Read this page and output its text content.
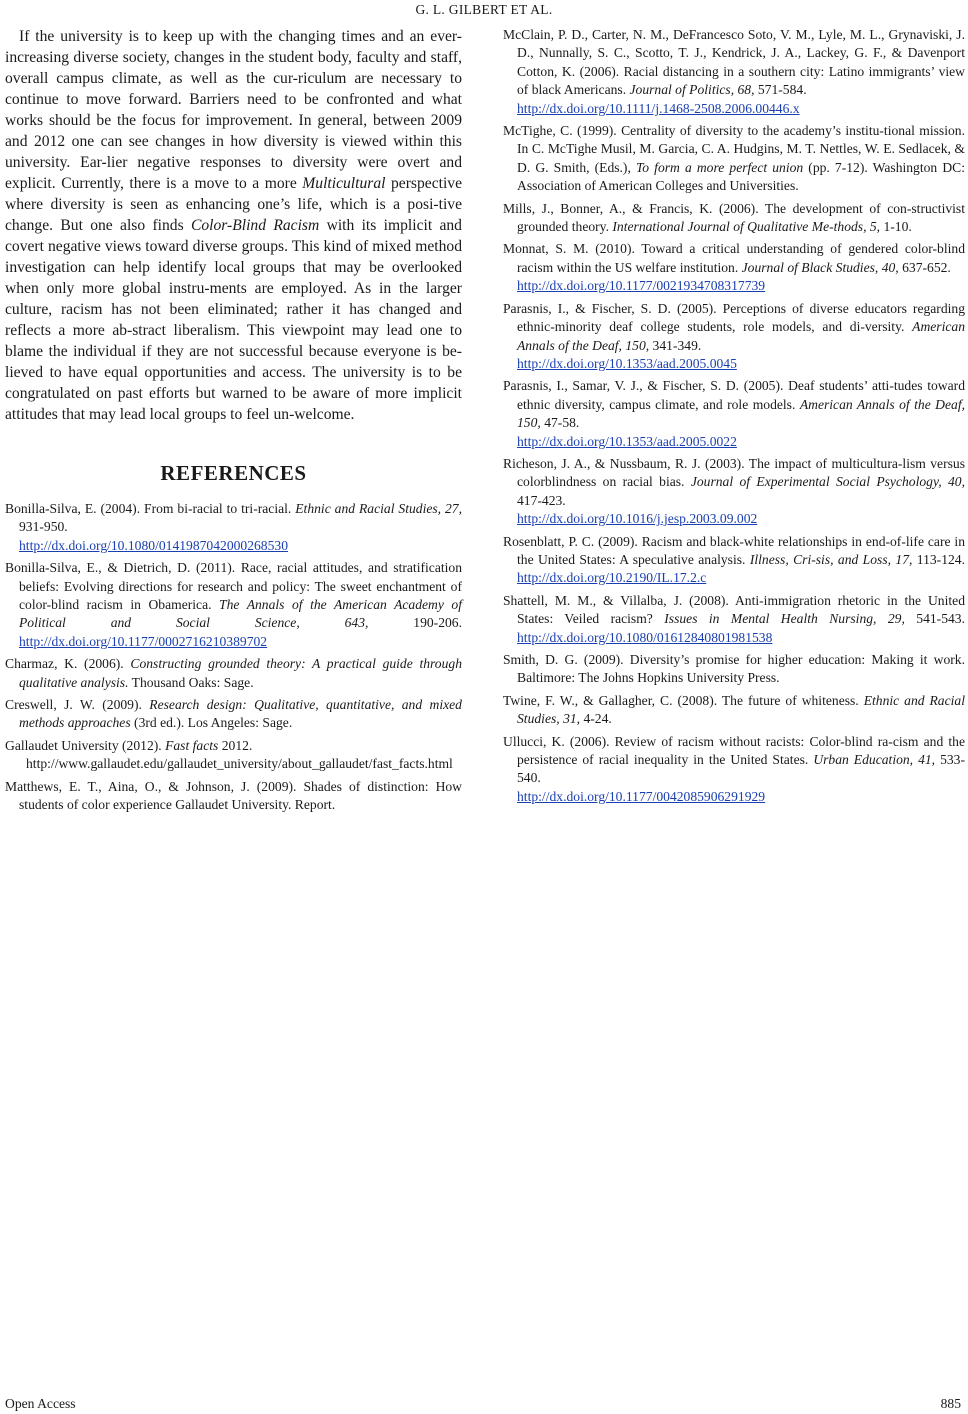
G. L. GILBERT ET AL.

If the university is to keep up with the changing times and an ever-increasing diverse society, changes in the student body, faculty and staff, overall campus climate, as well as the cur-riculum are necessary to continue to move forward. Barriers need to be confronted and what works should be the focus for improvement. In general, between 2009 and 2012 one can see changes in how diversity is viewed within this university. Ear-lier negative responses to diversity were overt and explicit. Currently, there is a move to a more Multicultural perspective where diversity is seen as enhancing one’s life, which is a posi-tive change. But one also finds Color-Blind Racism with its implicit and covert negative views toward diverse groups. This kind of mixed method investigation can help identify local groups that may be overlooked when only more global instru-ments are employed. As in the larger culture, racism has not been eliminated; rather it has changed and reflects a more ab-stract liberalism. This viewpoint may lead one to blame the individual if they are not successful because everyone is be-lieved to have equal opportunities and access. The university is to be congratulated on past efforts but warned to be aware of more implicit attitudes that may lead local groups to feel un-welcome.

REFERENCES

Bonilla-Silva, E. (2004). From bi-racial to tri-racial. Ethnic and Racial Studies, 27, 931-950.
http://dx.doi.org/10.1080/0141987042000268530

Bonilla-Silva, E., & Dietrich, D. (2011). Race, racial attitudes, and stratification beliefs: Evolving directions for research and policy: The sweet enchantment of color-blind racism in Obamerica. The Annals of the American Academy of Political and Social Science, 643, 190-206. http://dx.doi.org/10.1177/0002716210389702

Charmaz, K. (2006). Constructing grounded theory: A practical guide through qualitative analysis. Thousand Oaks: Sage.

Creswell, J. W. (2009). Research design: Qualitative, quantitative, and mixed methods approaches (3rd ed.). Los Angeles: Sage.

Gallaudet University (2012). Fast facts 2012.
http://www.gallaudet.edu/gallaudet_university/about_gallaudet/fast_facts.html

Matthews, E. T., Aina, O., & Johnson, J. (2009). Shades of distinction: How students of color experience Gallaudet University. Report.

McClain, P. D., Carter, N. M., DeFrancesco Soto, V. M., Lyle, M. L., Grynaviski, J. D., Nunnally, S. C., Scotto, T. J., Kendrick, J. A., Lackey, G. F., & Davenport Cotton, K. (2006). Racial distancing in a southern city: Latino immigrants’ view of black Americans. Journal of Politics, 68, 571-584.
http://dx.doi.org/10.1111/j.1468-2508.2006.00446.x

McTighe, C. (1999). Centrality of diversity to the academy’s institu-tional mission. In C. McTighe Musil, M. Garcia, C. A. Hudgins, M. T. Nettles, W. E. Sedlacek, & D. G. Smith, (Eds.), To form a more perfect union (pp. 7-12). Washington DC: Association of American Colleges and Universities.

Mills, J., Bonner, A., & Francis, K. (2006). The development of con-structivist grounded theory. International Journal of Qualitative Me-thods, 5, 1-10.

Monnat, S. M. (2010). Toward a critical understanding of gendered color-blind racism within the US welfare institution. Journal of Black Studies, 40, 637-652.
http://dx.doi.org/10.1177/0021934708317739

Parasnis, I., & Fischer, S. D. (2005). Perceptions of diverse educators regarding ethnic-minority deaf college students, role models, and di-versity. American Annals of the Deaf, 150, 341-349.
http://dx.doi.org/10.1353/aad.2005.0045

Parasnis, I., Samar, V. J., & Fischer, S. D. (2005). Deaf students’ atti-tudes toward ethnic diversity, campus climate, and role models. American Annals of the Deaf, 150, 47-58.
http://dx.doi.org/10.1353/aad.2005.0022

Richeson, J. A., & Nussbaum, R. J. (2003). The impact of multicultura-lism versus colorblindness on racial bias. Journal of Experimental Social Psychology, 40, 417-423.
http://dx.doi.org/10.1016/j.jesp.2003.09.002

Rosenblatt, P. C. (2009). Racism and black-white relationships in end-of-life care in the United States: A speculative analysis. Illness, Cri-sis, and Loss, 17, 113-124. http://dx.doi.org/10.2190/IL.17.2.c

Shattell, M. M., & Villalba, J. (2008). Anti-immigration rhetoric in the United States: Veiled racism? Issues in Mental Health Nursing, 29, 541-543. http://dx.doi.org/10.1080/01612840801981538

Smith, D. G. (2009). Diversity’s promise for higher education: Making it work. Baltimore: The Johns Hopkins University Press.

Twine, F. W., & Gallagher, C. (2008). The future of whiteness. Ethnic and Racial Studies, 31, 4-24.

Ullucci, K. (2006). Review of racism without racists: Color-blind ra-cism and the persistence of racial inequality in the United States. Urban Education, 41, 533-540.
http://dx.doi.org/10.1177/0042085906291929

Open Access	885
